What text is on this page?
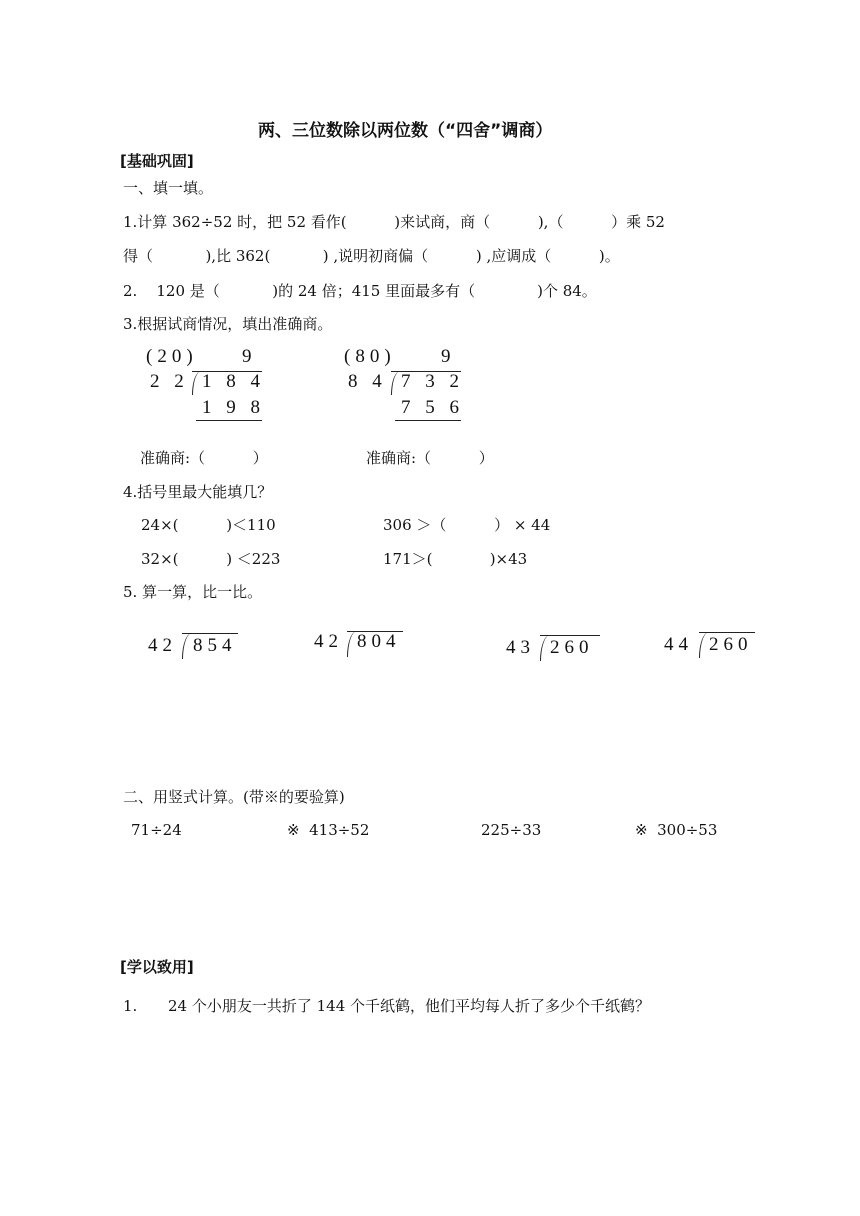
两、三位数除以两位数（“四舍”调商）
[基础巩固]
一、填一填。
1.计算 362÷52 时，把 52 看作(          )来试商，商（          ),（          ）乘 52
得（           ),比 362(           ) ,说明初商偏（          ) ,应调成（          )。
2.    120 是（           )的 24 倍；415 里面最多有（             )个 84。
3.根据试商情况，填出准确商。
(20) 9
2 2 1 8 4
1 9 8
(80) 9
8 4 7 3 2
7 5 6
准确商:（          ）	准确商:（          ）
4.括号里最大能填几？
24×(          )＜110	306 ＞（          ） × 44
32×(          ) ＜223	171＞(            )×43
5. 算一算，比一比。
42 854	42 804	43 260	44 260
二、用竖式计算。(带※的要验算)
71÷24	※  413÷52	225÷33	※  300÷53
[学以致用]
1. 24 个小朋友一共折了 144 个千纸鹤，他们平均每人折了多少个千纸鹤？
